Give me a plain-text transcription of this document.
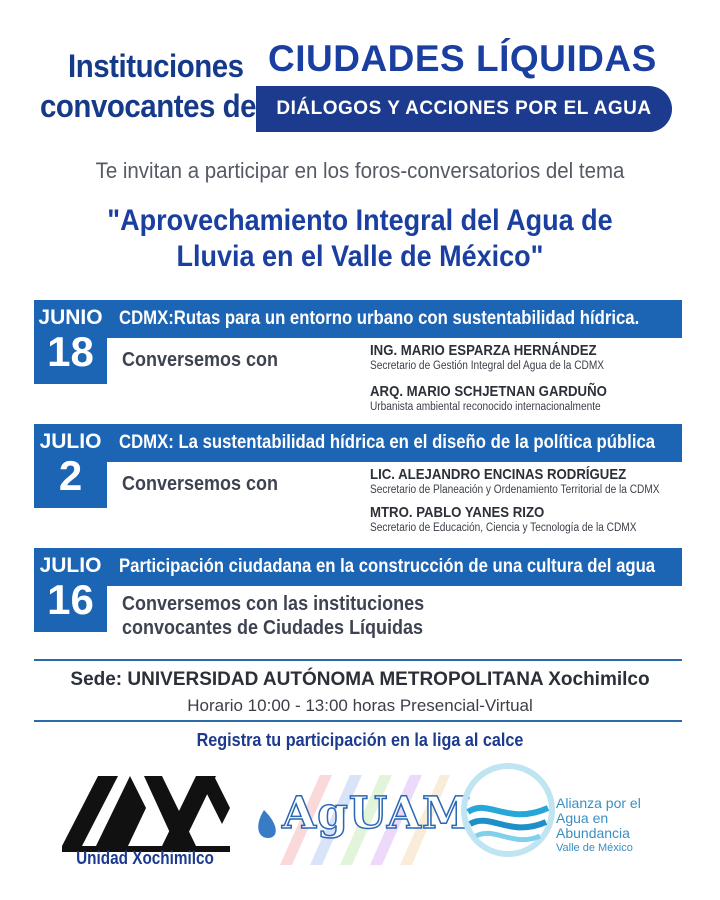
Instituciones
convocantes de
CIUDADES LÍQUIDAS
DIÁLOGOS Y ACCIONES POR EL AGUA
Te invitan a participar en los foros-conversatorios del tema
"Aprovechamiento Integral del Agua de
Lluvia en el Valle de México"
JUNIO
18
CDMX:Rutas para un entorno urbano con sustentabilidad hídrica.
Conversemos con	ING. MARIO ESPARZA HERNÁNDEZ
Secretario de Gestión Integral del Agua de la CDMX
ARQ. MARIO SCHJETNAN GARDUÑO
Urbanista ambiental reconocido internacionalmente
JULIO
2
CDMX: La sustentabilidad hídrica en el diseño de la política pública
Conversemos con	LIC. ALEJANDRO ENCINAS RODRÍGUEZ
Secretario de Planeación y Ordenamiento Territorial de la CDMX
MTRO. PABLO YANES RIZO
Secretario de Educación, Ciencia y Tecnología de la CDMX
JULIO
16
Participación ciudadana en la construcción de una cultura del agua
Conversemos con las instituciones
convocantes de Ciudades Líquidas
Sede: UNIVERSIDAD AUTÓNOMA METROPOLITANA Xochimilco
Horario 10:00 - 13:00 horas Presencial-Virtual
Registra tu participación en la liga al calce
Unidad Xochimilco
AgUAM	Alianza por el
Agua en
Abundancia
Valle de México
